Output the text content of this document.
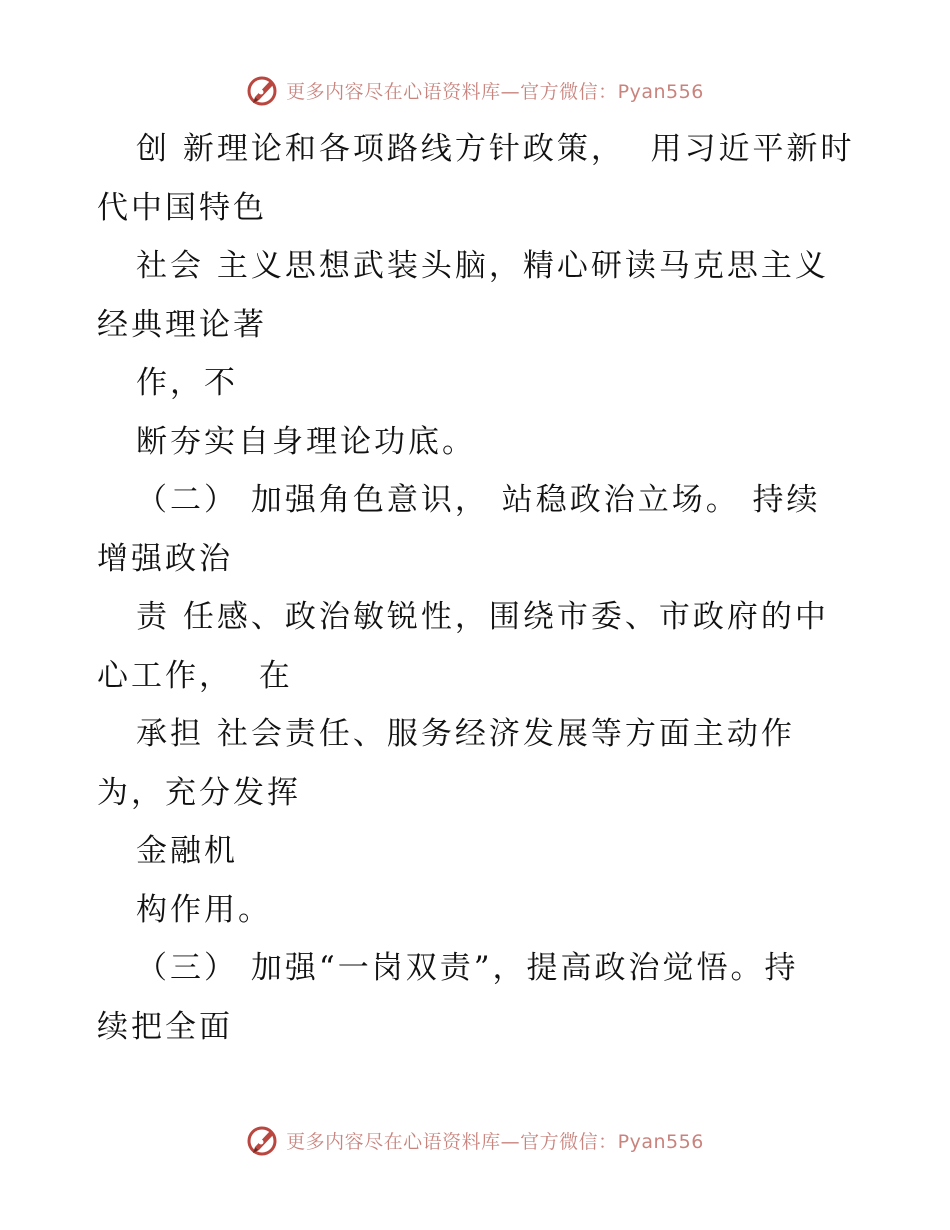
更多内容尽在心语资料库—官方微信：Pyan556
创 新理论和各项路线方针政策，  用习近平新时
代中国特色
社会 主义思想武装头脑，精心研读马克思主义
经典理论著
作，不
断夯实自身理论功底。
（二） 加强角色意识， 站稳政治立场。 持续
增强政治
责 任感、政治敏锐性，围绕市委、市政府的中
心工作，  在
承担 社会责任、服务经济发展等方面主动作
为，充分发挥
金融机
构作用。
（三） 加强“一岗双责”，提高政治觉悟。持
续把全面
更多内容尽在心语资料库—官方微信：Pyan556
